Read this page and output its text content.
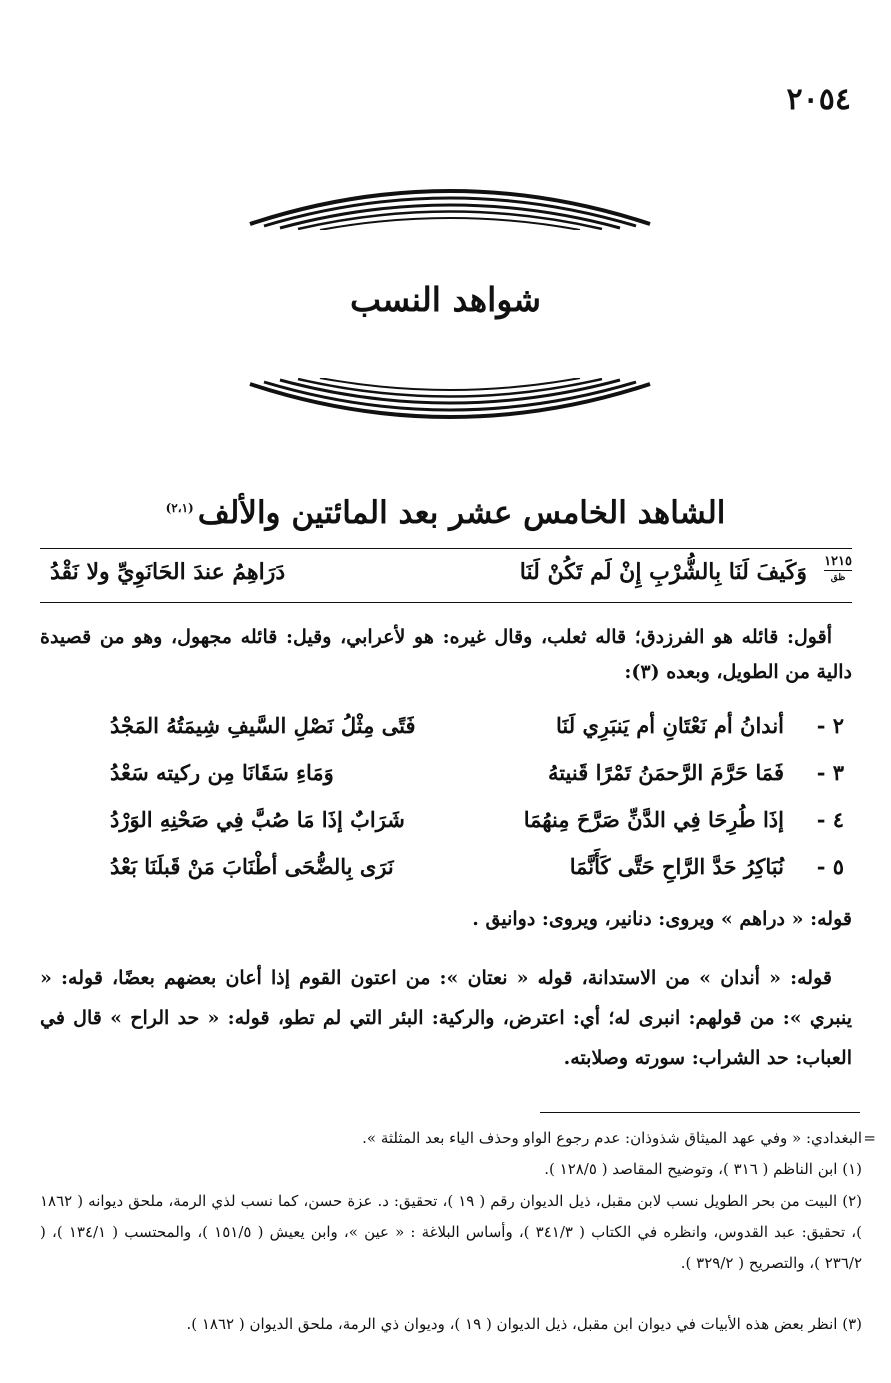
٢٠٥٤
شواهد النسب
الشاهد الخامس عشر بعد المائتين والألف$^{(٢،١)}$
١٢١٥
ظق
وَكَيفَ لَنَا بِالشُّرْبِ إِنْ لَم تَكُنْ لَنَا
دَرَاهِمُ عندَ الحَانَوِيِّ ولا نَقْدُ
أقول: قائله هو الفرزدق؛ قاله ثعلب، وقال غيره: هو لأعرابي، وقيل: قائله مجهول، وهو من قصيدة دالية من الطويل، وبعده (٣):
٢ -
أندانُ أم نَعْتَانِ أم يَنبَرِي لَنَا
فَتًى مِثْلُ نَصْلِ السَّيفِ شِيمَتُهُ المَجْدُ
٣ -
فَمَا حَرَّمَ الرَّحمَنُ تَمْرًا قَنيتهُ
وَمَاءِ سَقَانَا مِن ركيته سَعْدُ
٤ -
إذَا طُرِحَا فِي الدَّنِّ صَرَّحَ مِنهُمَا
شَرَابٌ إذَا مَا صُبَّ فِي صَحْنِهِ الوَرْدُ
٥ -
نُبَاكِرُ حَدَّ الرَّاحِ حَتَّى كَأَنَّمَا
نَرَى بِالضُّحَى أطْنَابَ مَنْ قَبلَنَا بَعْدُ
قوله: « دراهم » ويروى: دنانير، ويروى: دوانيق .
قوله: « أندان » من الاستدانة، قوله « نعتان »: من اعتون القوم إذا أعان بعضهم بعضًا، قوله: « ينبري »: من قولهم: انبرى له؛ أي: اعترض، والركية: البئر التي لم تطو، قوله: « حد الراح » قال في العباب: حد الشراب: سورته وصلابته.
=
البغدادي: « وفي عهد الميثاق شذوذان: عدم رجوع الواو وحذف الياء بعد المثلثة ».
(١) ابن الناظم ( ٣١٦ )، وتوضيح المقاصد ( ١٢٨/٥ ).
(٢) البيت من بحر الطويل نسب لابن مقبل، ذيل الديوان رقم ( ١٩ )، تحقيق: د. عزة حسن، كما نسب لذي الرمة، ملحق ديوانه ( ١٨٦٢ )، تحقيق: عبد القدوس، وانظره في الكتاب ( ٣٤١/٣ )، وأساس البلاغة : « عين »، وابن يعيش ( ١٥١/٥ )، والمحتسب ( ١٣٤/١ )، ( ٢٣٦/٢ )، والتصريح ( ٣٢٩/٢ ).
(٣) انظر بعض هذه الأبيات في ديوان ابن مقبل، ذيل الديوان ( ١٩ )، وديوان ذي الرمة، ملحق الديوان ( ١٨٦٢ ).
